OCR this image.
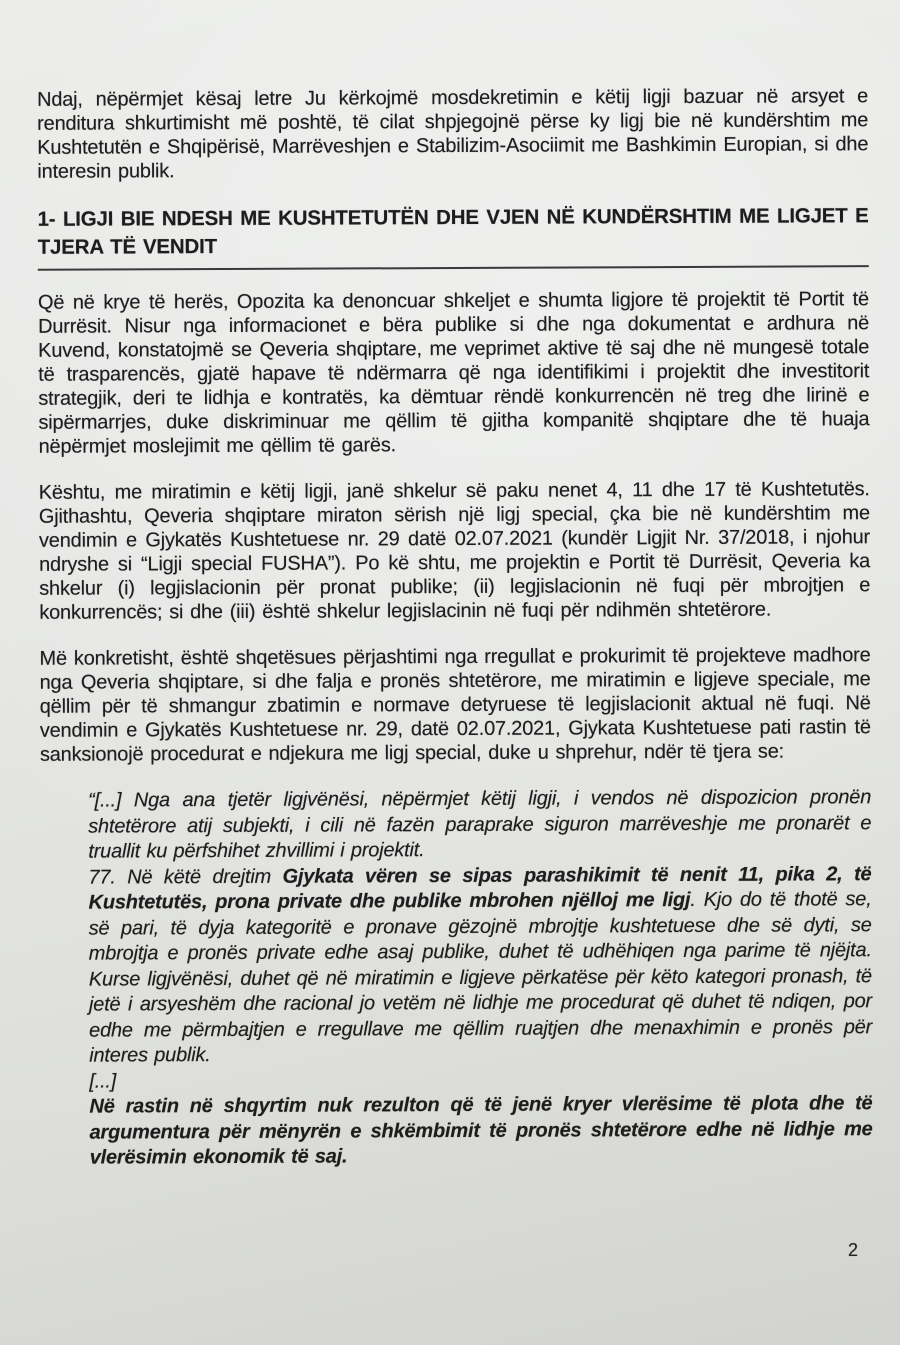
Ndaj, nëpërmjet kësaj letre Ju kërkojmë mosdekretimin e këtij ligji bazuar në arsyet e renditura shkurtimisht më poshtë, të cilat shpjegojnë përse ky ligj bie në kundërshtim me Kushtetutën e Shqipërisë, Marrëveshjen e Stabilizim-Asociimit me Bashkimin Europian, si dhe interesin publik.

1- LIGJI BIE NDESH ME KUSHTETUTËN DHE VJEN NË KUNDËRSHTIM ME LIGJET E TJERA TË VENDIT

Që në krye të herës, Opozita ka denoncuar shkeljet e shumta ligjore të projektit të Portit të Durrësit. Nisur nga informacionet e bëra publike si dhe nga dokumentat e ardhura në Kuvend, konstatojmë se Qeveria shqiptare, me veprimet aktive të saj dhe në mungesë totale të trasparencës, gjatë hapave të ndërmarra që nga identifikimi i projektit dhe investitorit strategjik, deri te lidhja e kontratës, ka dëmtuar rëndë konkurrencën në treg dhe lirinë e sipërmarrjes, duke diskriminuar me qëllim të gjitha kompanitë shqiptare dhe të huaja nëpërmjet moslejimit me qëllim të garës.

Kështu, me miratimin e këtij ligji, janë shkelur së paku nenet 4, 11 dhe 17 të Kushtetutës. Gjithashtu, Qeveria shqiptare miraton sërish një ligj special, çka bie në kundërshtim me vendimin e Gjykatës Kushtetuese nr. 29 datë 02.07.2021 (kundër Ligjit Nr. 37/2018, i njohur ndryshe si “Ligji special FUSHA”). Po kë shtu, me projektin e Portit të Durrësit, Qeveria ka shkelur (i) legjislacionin për pronat publike; (ii) legjislacionin në fuqi për mbrojtjen e konkurrencës; si dhe (iii) është shkelur legjislacinin në fuqi për ndihmën shtetërore.

Më konkretisht, është shqetësues përjashtimi nga rregullat e prokurimit të projekteve madhore nga Qeveria shqiptare, si dhe falja e pronës shtetërore, me miratimin e ligjeve speciale, me qëllim për të shmangur zbatimin e normave detyruese të legjislacionit aktual në fuqi. Në vendimin e Gjykatës Kushtetuese nr. 29, datë 02.07.2021, Gjykata Kushtetuese pati rastin të sanksionojë procedurat e ndjekura me ligj special, duke u shprehur, ndër të tjera se:

“[...] Nga ana tjetër ligjvënësi, nëpërmjet këtij ligji, i vendos në dispozicion pronën shtetërore atij subjekti, i cili në fazën paraprake siguron marrëveshje me pronarët e truallit ku përfshihet zhvillimi i projektit.

77. Në këtë drejtim Gjykata vëren se sipas parashikimit të nenit 11, pika 2, të Kushtetutës, prona private dhe publike mbrohen njëlloj me ligj. Kjo do të thotë se, së pari, të dyja kategoritë e pronave gëzojnë mbrojtje kushtetuese dhe së dyti, se mbrojtja e pronës private edhe asaj publike, duhet të udhëhiqen nga parime të njëjta. Kurse ligjvënësi, duhet që në miratimin e ligjeve përkatëse për këto kategori pronash, të jetë i arsyeshëm dhe racional jo vetëm në lidhje me procedurat që duhet të ndiqen, por edhe me përmbajtjen e rregullave me qëllim ruajtjen dhe menaxhimin e pronës për interes publik.

[...]

Në rastin në shqyrtim nuk rezulton që të jenë kryer vlerësime të plota dhe të argumentura për mënyrën e shkëmbimit të pronës shtetërore edhe në lidhje me vlerësimin ekonomik të saj.

2
